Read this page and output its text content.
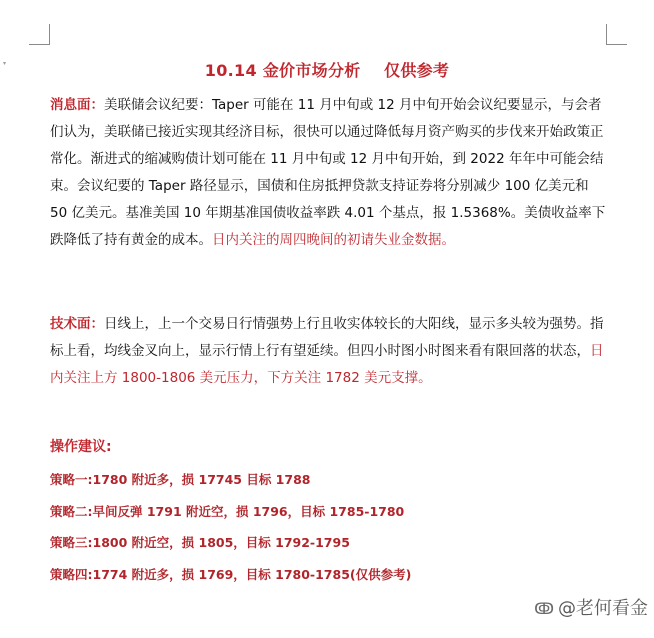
▾	10.14 金价市场分析    仅供参考
消息面：美联储会议纪要：Taper 可能在 11 月中旬或 12 月中旬开始会议纪要显示，与会者们认为，美联储已接近实现其经济目标，很快可以通过降低每月资产购买的步伐来开始政策正常化。渐进式的缩减购债计划可能在 11 月中旬或 12 月中旬开始，到 2022 年年中可能会结束。会议纪要的 Taper 路径显示，国债和住房抵押贷款支持证券将分别减少 100 亿美元和 50 亿美元。基准美国 10 年期基准国债收益率跌 4.01 个基点，报 1.5368%。美债收益率下跌降低了持有黄金的成本。日内关注的周四晚间的初请失业金数据。
技术面：日线上，上一个交易日行情强势上行且收实体较长的大阳线，显示多头较为强势。指标上看，均线金叉向上，显示行情上行有望延续。但四小时图小时图来看有限回落的状态，日内关注上方 1800-1806 美元压力，下方关注 1782 美元支撑。
操作建议:
策略一:1780 附近多，损 17745 目标 1788
策略二:早间反弹 1791 附近空，损 1796，目标 1785-1780
策略三:1800 附近空，损 1805，目标 1792-1795
策略四:1774 附近多，损 1769，目标 1780-1785(仅供参考)
ↂ @老何看金
